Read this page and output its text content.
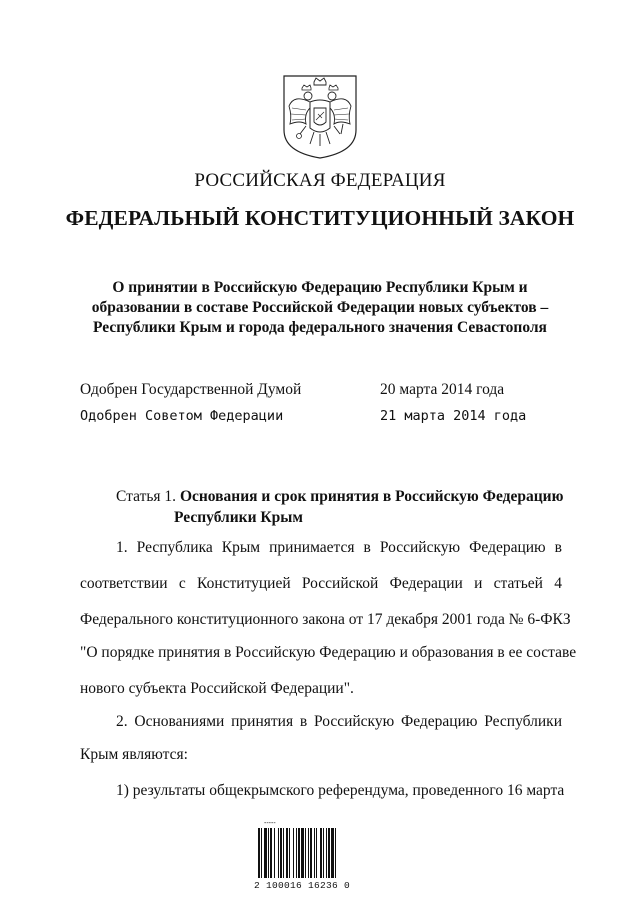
РОССИЙСКАЯ ФЕДЕРАЦИЯ
ФЕДЕРАЛЬНЫЙ КОНСТИТУЦИОННЫЙ ЗАКОН
О принятии в Российскую Федерацию Республики Крым и
образовании в составе Российской Федерации новых субъектов –
Республики Крым и города федерального значения Севастополя
Одобрен Государственной Думой	20 марта 2014 года
Одобрен Советом Федерации	21 марта 2014 года
Статья 1. Основания и срок принятия в Российскую Федерацию
Республики Крым
1. Республика Крым принимается в Российскую Федерацию в
соответствии с Конституцией Российской Федерации и статьей 4
Федерального конституционного закона от 17 декабря 2001 года № 6-ФКЗ
"О порядке принятия в Российскую Федерацию и образования в ее составе
нового субъекта Российской Федерации".
2. Основаниями принятия в Российскую Федерацию Республики
Крым являются:
1) результаты общекрымского референдума, проведенного 16 марта
-----
2 100016 16236 0
